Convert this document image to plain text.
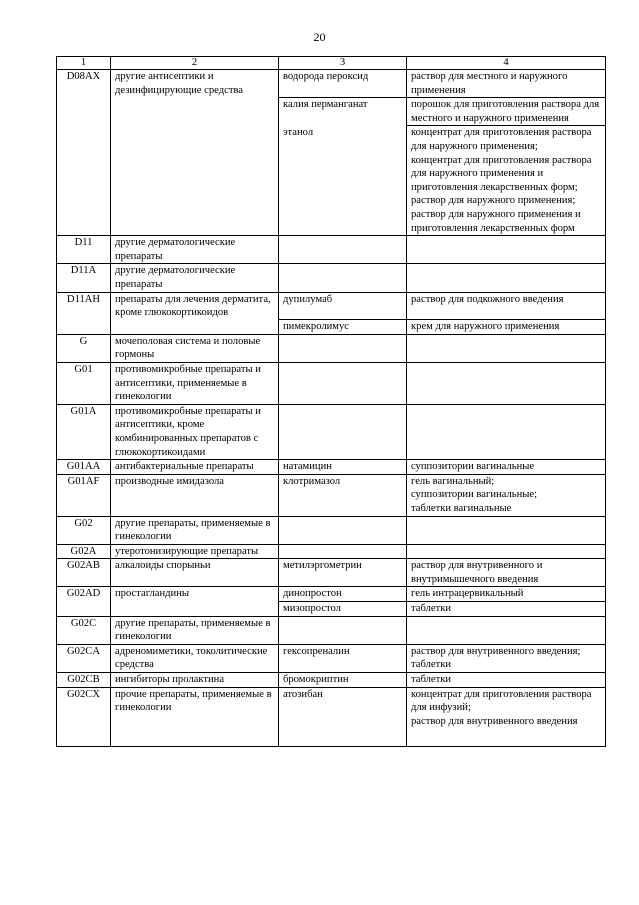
20
1	2	3	4
D08AX	другие антисептики и дезинфицирующие средства	водорода пероксид	раствор для местного и наружного применения
		калия перманганат	порошок для приготовления раствора для местного и наружного применения
		этанол	концентрат для приготовления раствора для наружного применения;
концентрат для приготовления раствора для наружного применения и приготовления лекарственных форм;
раствор для наружного применения;
раствор для наружного применения и приготовления лекарственных форм
D11	другие дерматологические препараты		
D11A	другие дерматологические препараты		
D11AH	препараты для лечения дерматита, кроме глюкокортикоидов	дупилумаб	раствор для подкожного введения
		пимекролимус	крем для наружного применения
G	мочеполовая система и половые гормоны		
G01	противомикробные препараты и антисептики, применяемые в гинекологии		
G01A	противомикробные препараты и антисептики, кроме комбинированных препаратов с глюкокортикоидами		
G01AA	антибактериальные препараты	натамицин	суппозитории вагинальные
G01AF	производные имидазола	клотримазол	гель вагинальный;
суппозитории вагинальные;
таблетки вагинальные
G02	другие препараты, применяемые в гинекологии		
G02A	утеротонизирующие препараты		
G02AB	алкалоиды спорыньи	метилэргометрин	раствор для внутривенного и внутримышечного введения
G02AD	простагландины	динопростон	гель интрацервикальный
		мизопростол	таблетки
G02C	другие препараты, применяемые в гинекологии		
G02CA	адреномиметики, токолитические средства	гексопреналин	раствор для внутривенного введения;
таблетки
G02CB	ингибиторы пролактина	бромокриптин	таблетки
G02CX	прочие препараты, применяемые в гинекологии	атозибан	концентрат для приготовления раствора для инфузий;
раствор для внутривенного введения
